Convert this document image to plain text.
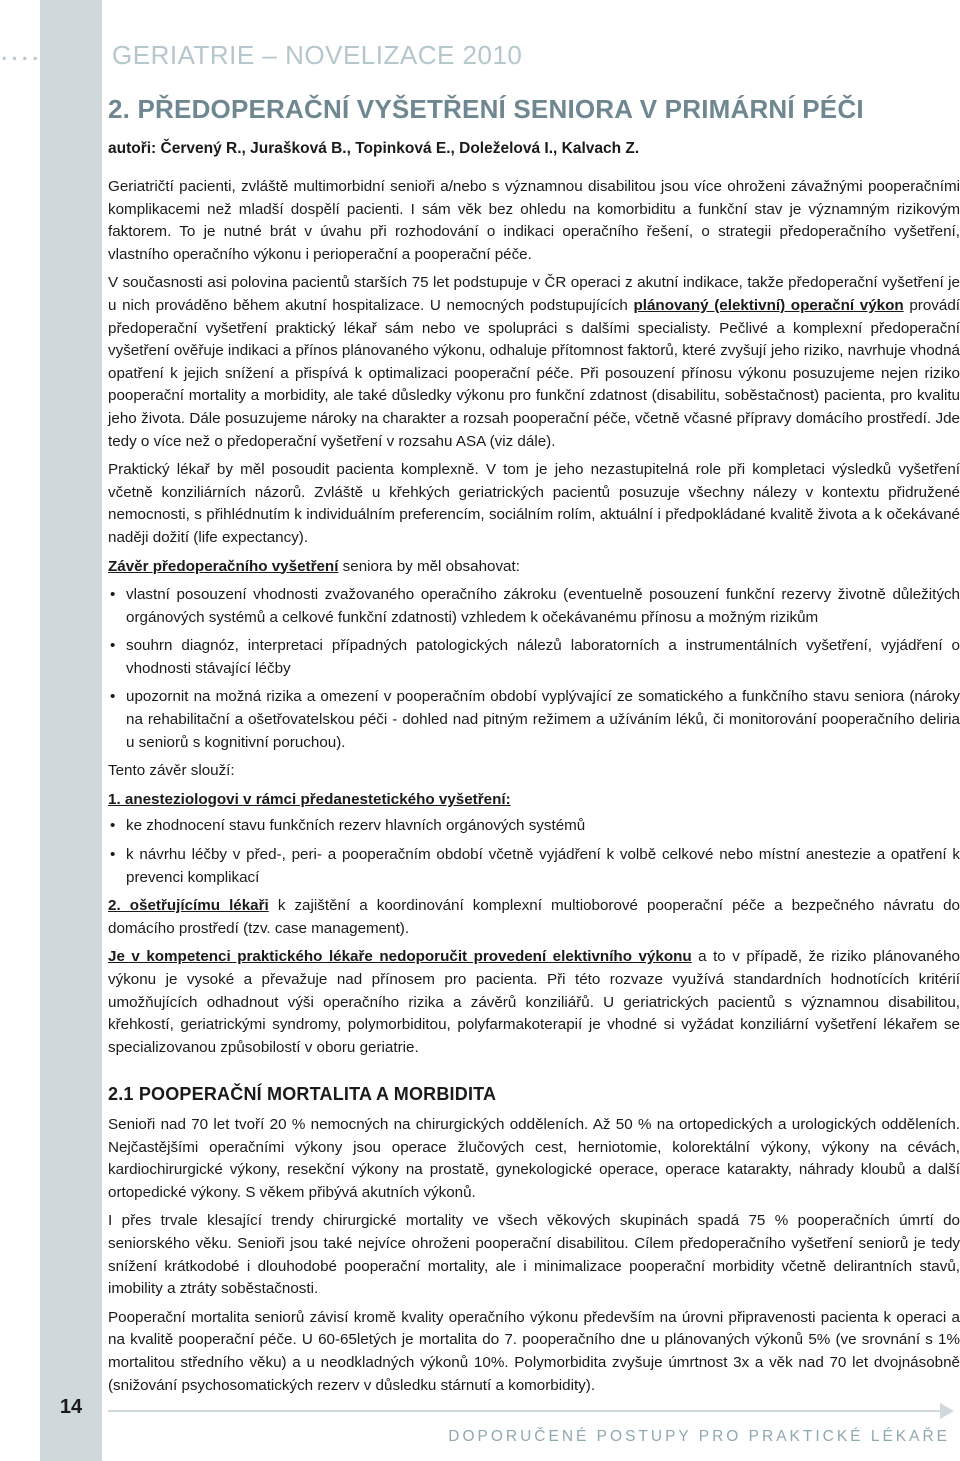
....	GERIATRIE – NOVELIZACE 2010
2. PŘEDOPERAČNÍ VYŠETŘENÍ SENIORA V PRIMÁRNÍ PÉČI
autoři: Červený R., Jurašková B., Topinková E., Doleželová I., Kalvach Z.

Geriatričtí pacienti, zvláště multimorbidní senioři a/nebo s významnou disabilitou jsou více ohroženi závažnými pooperačními komplikacemi než mladší dospělí pacienti. I sám věk bez ohledu na komorbiditu a funkční stav je významným rizikovým faktorem. To je nutné brát v úvahu při rozhodování o indikaci operačního řešení, o strategii předoperačního vyšetření, vlastního operačního výkonu i perioperační a pooperační péče.

V současnosti asi polovina pacientů starších 75 let podstupuje v ČR operaci z akutní indikace, takže předoperační vyšetření je u nich prováděno během akutní hospitalizace. U nemocných podstupujících plánovaný (elektivní) operační výkon provádí předoperační vyšetření praktický lékař sám nebo ve spolupráci s dalšími specialisty. Pečlivé a komplexní předoperační vyšetření ověřuje indikaci a přínos plánovaného výkonu, odhaluje přítomnost faktorů, které zvyšují jeho riziko, navrhuje vhodná opatření k jejich snížení a přispívá k optimalizaci pooperační péče. Při posouzení přínosu výkonu posuzujeme nejen riziko pooperační mortality a morbidity, ale také důsledky výkonu pro funkční zdatnost (disabilitu, soběstačnost) pacienta, pro kvalitu jeho života. Dále posuzujeme nároky na charakter a rozsah pooperační péče, včetně včasné přípravy domácího prostředí. Jde tedy o více než o předoperační vyšetření v rozsahu ASA (viz dále).

Praktický lékař by měl posoudit pacienta komplexně. V tom je jeho nezastupitelná role při kompletaci výsledků vyšetření včetně konziliárních názorů. Zvláště u křehkých geriatrických pacientů posuzuje všechny nálezy v kontextu přidružené nemocnosti, s přihlédnutím k individuálním preferencím, sociálním rolím, aktuální i předpokládané kvalitě života a k očekávané naději dožití (life expectancy).

Závěr předoperačního vyšetření seniora by měl obsahovat:

• vlastní posouzení vhodnosti zvažovaného operačního zákroku (eventuelně posouzení funkční rezervy životně důležitých orgánových systémů a celkové funkční zdatnosti) vzhledem k očekávanému přínosu a možným rizikům
• souhrn diagnóz, interpretaci případných patologických nálezů laboratorních a instrumentálních vyšetření, vyjádření o vhodnosti stávající léčby
• upozornit na možná rizika a omezení v pooperačním období vyplývající ze somatického a funkčního stavu seniora (nároky na rehabilitační a ošetřovatelskou péči - dohled nad pitným režimem a užíváním léků, či monitorování pooperačního deliria u seniorů s kognitivní poruchou).

Tento závěr slouží:

1. anesteziologovi v rámci předanestetického vyšetření:

• ke zhodnocení stavu funkčních rezerv hlavních orgánových systémů
• k návrhu léčby v před-, peri- a pooperačním období včetně vyjádření k volbě celkové nebo místní anestezie a opatření k prevenci komplikací

2. ošetřujícímu lékaři k zajištění a koordinování komplexní multioborové pooperační péče a bezpečného návratu do domácího prostředí (tzv. case management).

Je v kompetenci praktického lékaře nedoporučit provedení elektivního výkonu a to v případě, že riziko plánovaného výkonu je vysoké a převažuje nad přínosem pro pacienta. Při této rozvaze využívá standardních hodnotících kritérií umožňujících odhadnout výši operačního rizika a závěrů konziliářů. U geriatrických pacientů s významnou disabilitou, křehkostí, geriatrickými syndromy, polymorbiditou, polyfarmakoterapií je vhodné si vyžádat konziliární vyšetření lékařem se specializovanou způsobilostí v oboru geriatrie.

2.1 POOPERAČNÍ MORTALITA A MORBIDITA

Senioři nad 70 let tvoří 20 % nemocných na chirurgických odděleních. Až 50 % na ortopedických a urologických odděleních. Nejčastějšími operačními výkony jsou operace žlučových cest, herniotomie, kolorektální výkony, výkony na cévách, kardiochirurgické výkony, resekční výkony na prostatě, gynekologické operace, operace katarakty, náhrady kloubů a další ortopedické výkony. S věkem přibývá akutních výkonů.

I přes trvale klesající trendy chirurgické mortality ve všech věkových skupinách spadá 75 % pooperačních úmrtí do seniorského věku. Senioři jsou také nejvíce ohroženi pooperační disabilitou. Cílem předoperačního vyšetření seniorů je tedy snížení krátkodobé i dlouhodobé pooperační mortality, ale i minimalizace pooperační morbidity včetně delirantních stavů, imobility a ztráty soběstačnosti.

Pooperační mortalita seniorů závisí kromě kvality operačního výkonu především na úrovni připravenosti pacienta k operaci a na kvalitě pooperační péče. U 60-65letých je mortalita do 7. pooperačního dne u plánovaných výkonů 5% (ve srovnání s 1% mortalitou středního věku) a u neodkladných výkonů 10%. Polymorbidita zvyšuje úmrtnost 3x a věk nad 70 let dvojnásobně (snižování psychosomatických rezerv v důsledku stárnutí a komorbidity).

14
DOPORUČENÉ POSTUPY PRO PRAKTICKÉ LÉKAŘE
